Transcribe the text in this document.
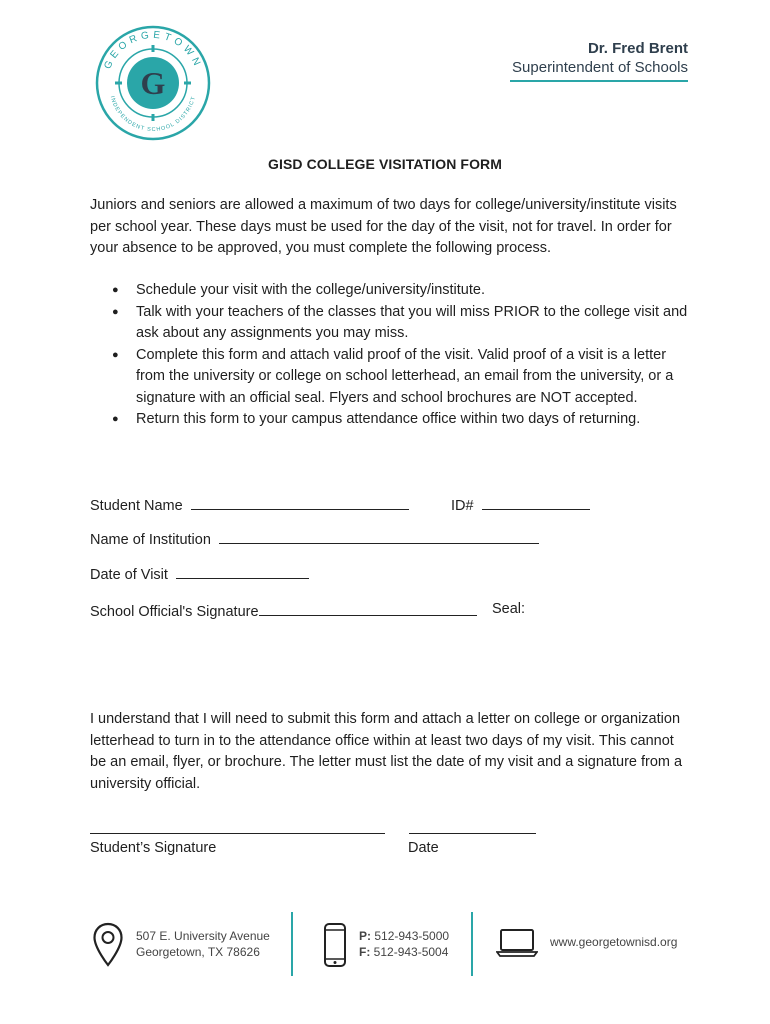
GEORGETOWN
G
INDEPENDENT SCHOOL DISTRICT
Dr. Fred Brent
Superintendent of Schools
GISD COLLEGE VISITATION FORM

Juniors and seniors are allowed a maximum of two days for college/university/institute visits per school year. These days must be used for the day of the visit, not for travel. In order for your absence to be approved, you must complete the following process.

● Schedule your visit with the college/university/institute.
● Talk with your teachers of the classes that you will miss PRIOR to the college visit and ask about any assignments you may miss.
● Complete this form and attach valid proof of the visit. Valid proof of a visit is a letter from the university or college on school letterhead, an email from the university, or a signature with an official seal. Flyers and school brochures are NOT accepted.
● Return this form to your campus attendance office within two days of returning.
Student Name	ID#
Name of Institution
Date of Visit
School Official's Signature	Seal:

I understand that I will need to submit this form and attach a letter on college or organization letterhead to turn in to the attendance office within at least two days of my visit. This cannot be an email, flyer, or brochure. The letter must list the date of my visit and a signature from a university official.

Student’s Signature	Date
507 E. University Avenue
Georgetown, TX 78626
P: 512-943-5000
F: 512-943-5004
www.georgetownisd.org
